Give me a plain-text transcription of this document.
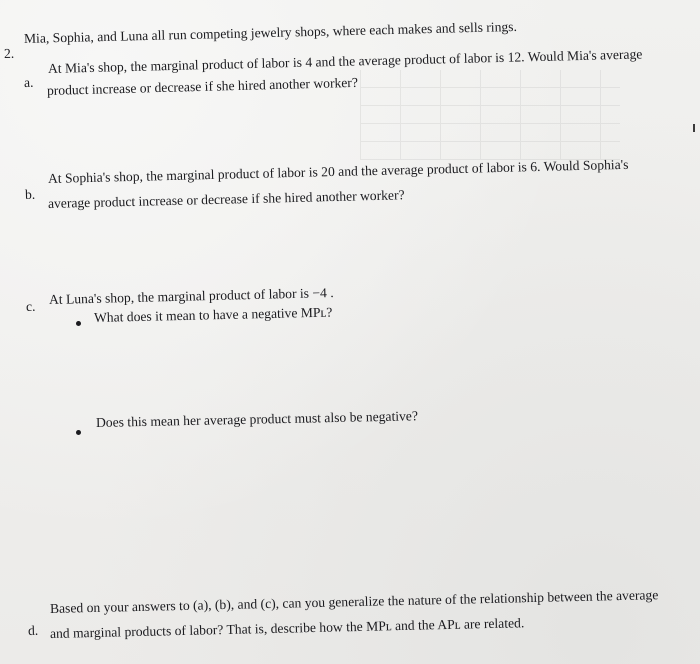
2.
Mia, Sophia, and Luna all run competing jewelry shops, where each makes and sells rings.
a.
At Mia's shop, the marginal product of labor is 4 and the average product of labor is 12. Would Mia's average
product increase or decrease if she hired another worker?
b.
At Sophia's shop, the marginal product of labor is 20 and the average product of labor is 6. Would Sophia's
average product increase or decrease if she hired another worker?
c. At Luna's shop, the marginal product of labor is −4 .
What does it mean to have a negative MPʟ?
Does this mean her average product must also be negative?
d.
Based on your answers to (a), (b), and (c), can you generalize the nature of the relationship between the average
and marginal products of labor? That is, describe how the MPʟ and the APʟ are related.
